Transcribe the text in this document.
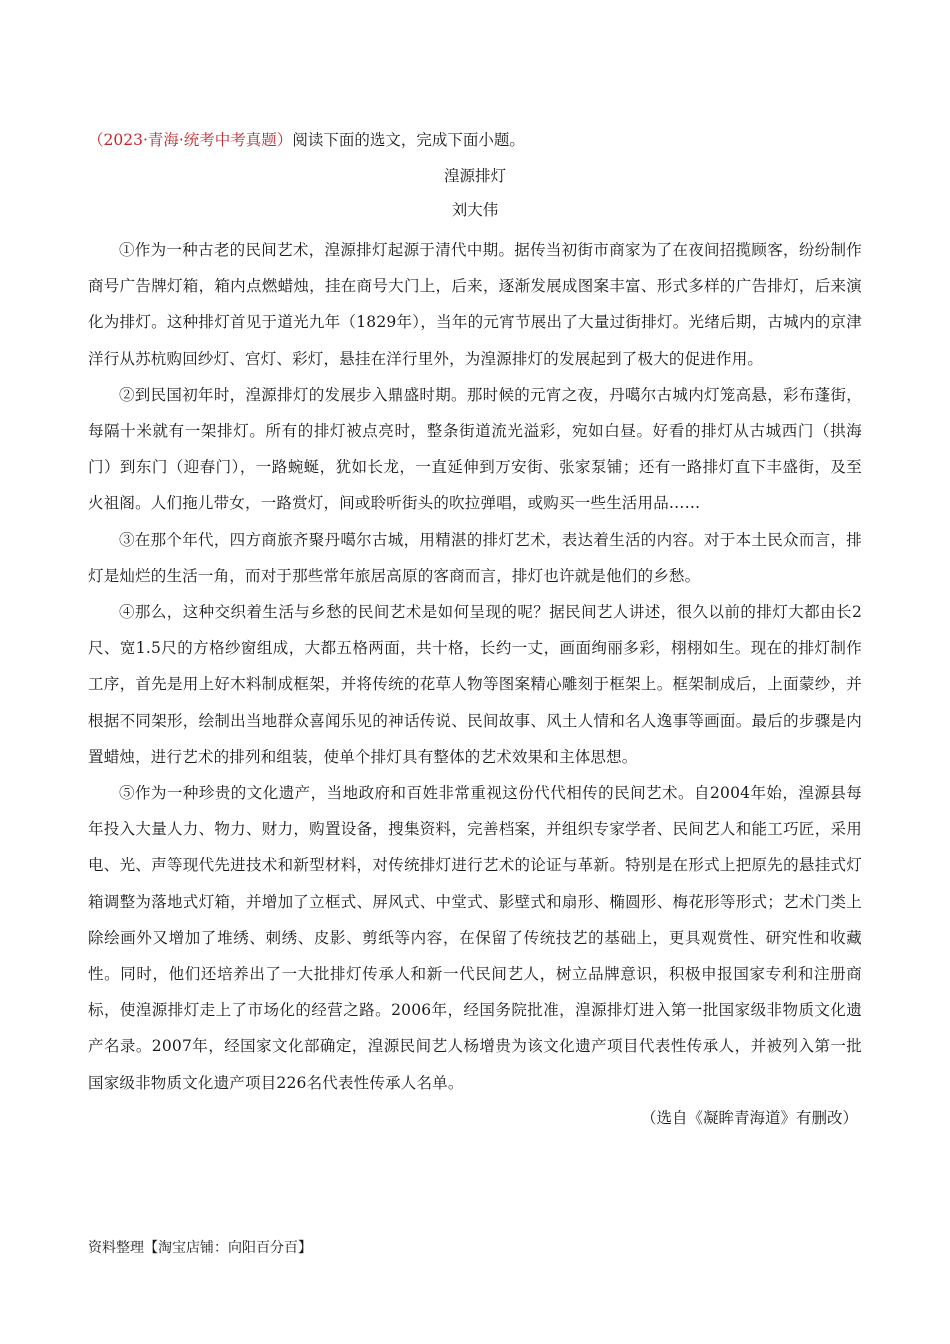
（2023·青海·统考中考真题）阅读下面的选文，完成下面小题。

湟源排灯

刘大伟

①作为一种古老的民间艺术，湟源排灯起源于清代中期。据传当初街市商家为了在夜间招揽顾客，纷纷制作商号广告牌灯箱，箱内点燃蜡烛，挂在商号大门上，后来，逐渐发展成图案丰富、形式多样的广告排灯，后来演化为排灯。这种排灯首见于道光九年（1829年），当年的元宵节展出了大量过街排灯。光绪后期，古城内的京津洋行从苏杭购回纱灯、宫灯、彩灯，悬挂在洋行里外，为湟源排灯的发展起到了极大的促进作用。

②到民国初年时，湟源排灯的发展步入鼎盛时期。那时候的元宵之夜，丹噶尔古城内灯笼高悬，彩布蓬街，每隔十米就有一架排灯。所有的排灯被点亮时，整条街道流光溢彩，宛如白昼。好看的排灯从古城西门（拱海门）到东门（迎春门），一路蜿蜒，犹如长龙，一直延伸到万安街、张家泵铺；还有一路排灯直下丰盛街，及至火祖阁。人们拖儿带女，一路赏灯，间或聆听街头的吹拉弹唱，或购买一些生活用品……

③在那个年代，四方商旅齐聚丹噶尔古城，用精湛的排灯艺术，表达着生活的内容。对于本土民众而言，排灯是灿烂的生活一角，而对于那些常年旅居高原的客商而言，排灯也许就是他们的乡愁。

④那么，这种交织着生活与乡愁的民间艺术是如何呈现的呢？据民间艺人讲述，很久以前的排灯大都由长2尺、宽1.5尺的方格纱窗组成，大都五格两面，共十格，长约一丈，画面绚丽多彩，栩栩如生。现在的排灯制作工序，首先是用上好木料制成框架，并将传统的花草人物等图案精心雕刻于框架上。框架制成后，上面蒙纱，并根据不同架形，绘制出当地群众喜闻乐见的神话传说、民间故事、风土人情和名人逸事等画面。最后的步骤是内置蜡烛，进行艺术的排列和组装，使单个排灯具有整体的艺术效果和主体思想。

⑤作为一种珍贵的文化遗产，当地政府和百姓非常重视这份代代相传的民间艺术。自2004年始，湟源县每年投入大量人力、物力、财力，购置设备，搜集资料，完善档案，并组织专家学者、民间艺人和能工巧匠，采用电、光、声等现代先进技术和新型材料，对传统排灯进行艺术的论证与革新。特别是在形式上把原先的悬挂式灯箱调整为落地式灯箱，并增加了立框式、屏风式、中堂式、影壁式和扇形、椭圆形、梅花形等形式；艺术门类上除绘画外又增加了堆绣、刺绣、皮影、剪纸等内容，在保留了传统技艺的基础上，更具观赏性、研究性和收藏性。同时，他们还培养出了一大批排灯传承人和新一代民间艺人，树立品牌意识，积极申报国家专利和注册商标，使湟源排灯走上了市场化的经营之路。2006年，经国务院批准，湟源排灯进入第一批国家级非物质文化遗产名录。2007年，经国家文化部确定，湟源民间艺人杨增贵为该文化遗产项目代表性传承人，并被列入第一批国家级非物质文化遗产项目226名代表性传承人名单。

（选自《凝眸青海道》有删改）

资料整理【淘宝店铺：向阳百分百】
